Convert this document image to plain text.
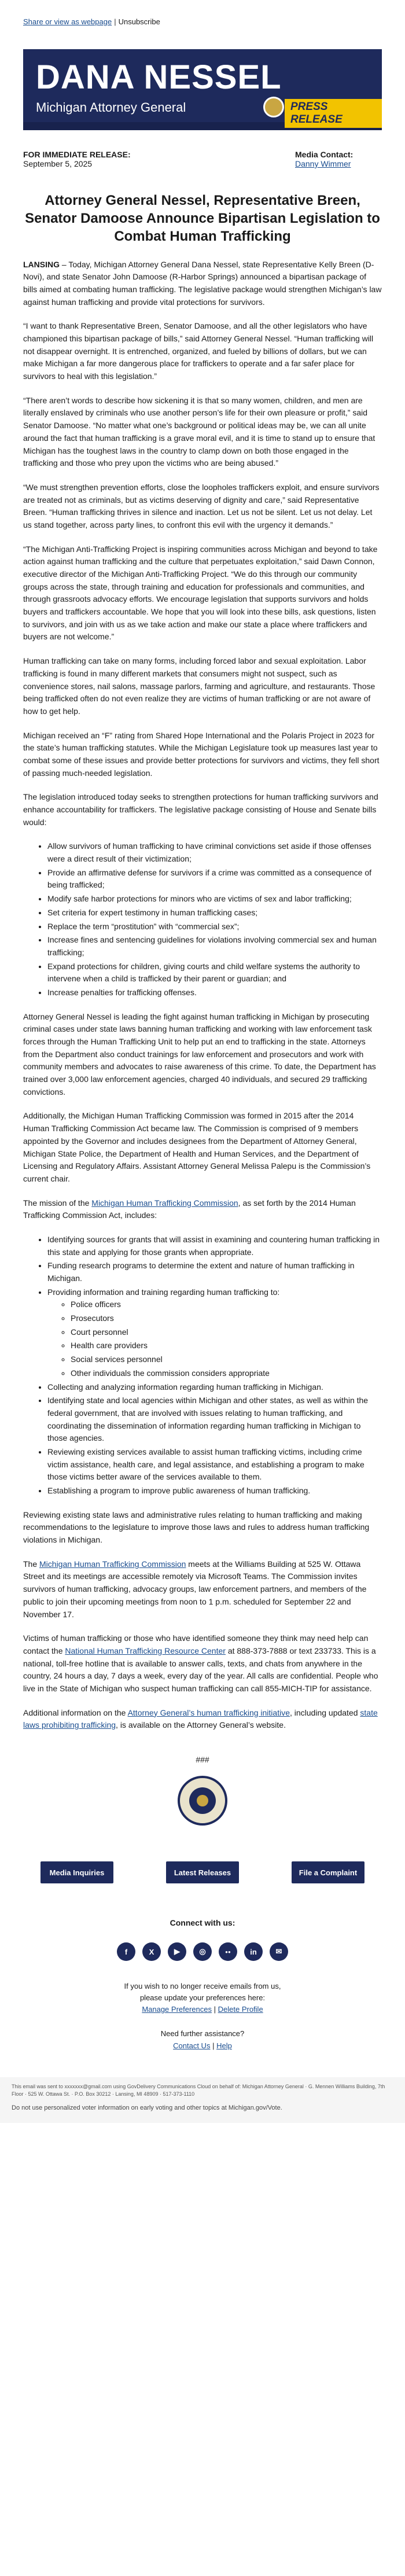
Share or view as webpage | Unsubscribe
DANA NESSEL
Michigan Attorney General	PRESS RELEASE
FOR IMMEDIATE RELEASE:
September 5, 2025
Media Contact:
Danny Wimmer
Attorney General Nessel, Representative Breen, Senator Damoose Announce Bipartisan Legislation to Combat Human Trafficking

LANSING – Today, Michigan Attorney General Dana Nessel, state Representative Kelly Breen (D-Novi), and state Senator John Damoose (R-Harbor Springs) announced a bipartisan package of bills aimed at combating human trafficking. The legislative package would strengthen Michigan’s law against human trafficking and provide vital protections for survivors.

“I want to thank Representative Breen, Senator Damoose, and all the other legislators who have championed this bipartisan package of bills,” said Attorney General Nessel. “Human trafficking will not disappear overnight. It is entrenched, organized, and fueled by billions of dollars, but we can make Michigan a far more dangerous place for traffickers to operate and a far safer place for survivors to heal with this legislation.”

“There aren’t words to describe how sickening it is that so many women, children, and men are literally enslaved by criminals who use another person’s life for their own pleasure or profit,” said Senator Damoose. “No matter what one’s background or political ideas may be, we can all unite around the fact that human trafficking is a grave moral evil, and it is time to stand up to ensure that Michigan has the toughest laws in the country to clamp down on both those engaged in the trafficking and those who prey upon the victims who are being abused.”

“We must strengthen prevention efforts, close the loopholes traffickers exploit, and ensure survivors are treated not as criminals, but as victims deserving of dignity and care,” said Representative Breen. “Human trafficking thrives in silence and inaction. Let us not be silent. Let us not delay. Let us stand together, across party lines, to confront this evil with the urgency it demands.”

“The Michigan Anti-Trafficking Project is inspiring communities across Michigan and beyond to take action against human trafficking and the culture that perpetuates exploitation,” said Dawn Connon, executive director of the Michigan Anti-Trafficking Project. “We do this through our community groups across the state, through training and education for professionals and communities, and through grassroots advocacy efforts. We encourage legislation that supports survivors and holds buyers and traffickers accountable. We hope that you will look into these bills, ask questions, listen to survivors, and join with us as we take action and make our state a place where traffickers and buyers are not welcome.”

Human trafficking can take on many forms, including forced labor and sexual exploitation. Labor trafficking is found in many different markets that consumers might not suspect, such as convenience stores, nail salons, massage parlors, farming and agriculture, and restaurants. Those being trafficked often do not even realize they are victims of human trafficking or are not aware of how to get help.

Michigan received an “F” rating from Shared Hope International and the Polaris Project in 2023 for the state’s human trafficking statutes. While the Michigan Legislature took up measures last year to combat some of these issues and provide better protections for survivors and victims, they fell short of passing much-needed legislation.

The legislation introduced today seeks to strengthen protections for human trafficking survivors and enhance accountability for traffickers. The legislative package consisting of House and Senate bills would:

• Allow survivors of human trafficking to have criminal convictions set aside if those offenses were a direct result of their victimization;
• Provide an affirmative defense for survivors if a crime was committed as a consequence of being trafficked;
• Modify safe harbor protections for minors who are victims of sex and labor trafficking;
• Set criteria for expert testimony in human trafficking cases;
• Replace the term “prostitution” with “commercial sex”;
• Increase fines and sentencing guidelines for violations involving commercial sex and human trafficking;
• Expand protections for children, giving courts and child welfare systems the authority to intervene when a child is trafficked by their parent or guardian; and
• Increase penalties for trafficking offenses.

Attorney General Nessel is leading the fight against human trafficking in Michigan by prosecuting criminal cases under state laws banning human trafficking and working with law enforcement task forces through the Human Trafficking Unit to help put an end to trafficking in the state. Attorneys from the Department also conduct trainings for law enforcement and prosecutors and work with community members and advocates to raise awareness of this crime. To date, the Department has trained over 3,000 law enforcement agencies, charged 40 individuals, and secured 29 trafficking convictions.

Additionally, the Michigan Human Trafficking Commission was formed in 2015 after the 2014 Human Trafficking Commission Act became law. The Commission is comprised of 9 members appointed by the Governor and includes designees from the Department of Attorney General, Michigan State Police, the Department of Health and Human Services, and the Department of Licensing and Regulatory Affairs. Assistant Attorney General Melissa Palepu is the Commission’s current chair.

The mission of the Michigan Human Trafficking Commission, as set forth by the 2014 Human Trafficking Commission Act, includes:

• Identifying sources for grants that will assist in examining and countering human trafficking in this state and applying for those grants when appropriate.
• Funding research programs to determine the extent and nature of human trafficking in Michigan.
• Providing information and training regarding human trafficking to:
◦ Police officers
◦ Prosecutors
◦ Court personnel
◦ Health care providers
◦ Social services personnel
◦ Other individuals the commission considers appropriate
• Collecting and analyzing information regarding human trafficking in Michigan.
• Identifying state and local agencies within Michigan and other states, as well as within the federal government, that are involved with issues relating to human trafficking, and coordinating the dissemination of information regarding human trafficking in Michigan to those agencies.
• Reviewing existing services available to assist human trafficking victims, including crime victim assistance, health care, and legal assistance, and establishing a program to make those victims better aware of the services available to them.
• Establishing a program to improve public awareness of human trafficking.

Reviewing existing state laws and administrative rules relating to human trafficking and making recommendations to the legislature to improve those laws and rules to address human trafficking violations in Michigan.

The Michigan Human Trafficking Commission meets at the Williams Building at 525 W. Ottawa Street and its meetings are accessible remotely via Microsoft Teams. The Commission invites survivors of human trafficking, advocacy groups, law enforcement partners, and members of the public to join their upcoming meetings from noon to 1 p.m. scheduled for September 22 and November 17.

Victims of human trafficking or those who have identified someone they think may need help can contact the National Human Trafficking Resource Center at 888-373-7888 or text 233733. This is a national, toll-free hotline that is available to answer calls, texts, and chats from anywhere in the country, 24 hours a day, 7 days a week, every day of the year. All calls are confidential. People who live in the State of Michigan who suspect human trafficking can call 855-MICH-TIP for assistance.

Additional information on the Attorney General’s human trafficking initiative, including updated state laws prohibiting trafficking, is available on the Attorney General’s website.

###
Media Inquiries	Latest Releases	File a Complaint
Connect with us:
f	X	▶	◎	●●	in	✉
If you wish to no longer receive emails from us,
please update your preferences here:
Manage Preferences | Delete Profile
Need further assistance?
Contact Us | Help
This email was sent to xxxxxxx@gmail.com using GovDelivery Communications Cloud on behalf of: Michigan Attorney General · G. Mennen Williams Building, 7th Floor · 525 W. Ottawa St. · P.O. Box 30212 · Lansing, MI 48909 · 517-373-1110
Do not use personalized voter information on early voting and other topics at Michigan.gov/Vote.
